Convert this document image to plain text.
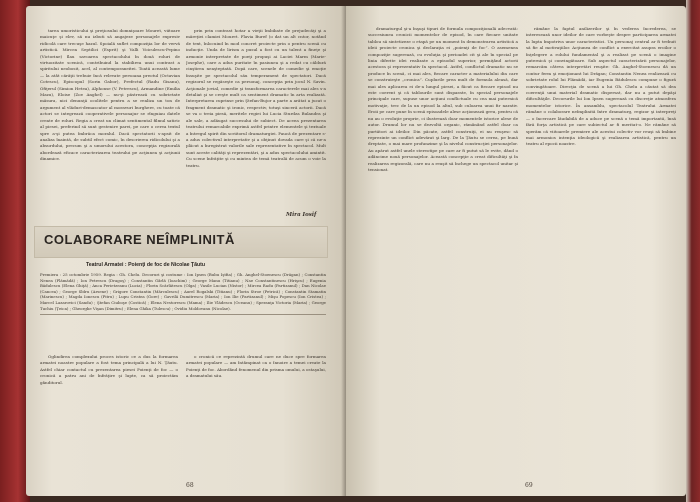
tarea umoristicului şi preţiosului domnişoare Mouret, viitoare maicuţe şi elev, să nu izbuti să angajeze personajele expresiv ridicolă care trecuşe hazul. Spoială suflet compoziţia lor de vervă artistică. Mircea Septilici (Esprit) şi Valli Voiculescu-Pepino (Victorine) îlau savoarea spectacolului în două roluri de virtuozitate scenică, contribuind la stabilirea unui contrast a spiritului neobosit, acel, al contemporaneitei. Toată această lume — la atât cărăţii trebuie încă relevate persoana preotul (Octavian Cotescu), Episcopul (Sorin Gabor), Prefectul (Radu Gisanu), Ofiţerul (Simion Hetea), Alphonse (V. Petrescu), Armandine (Emilia Mazu), Eloise (Zoe Anghel) — nu-şi păstrează cu sobrietate măsura, nici denunţă ocolitele pentru a se realiza un ton de argument al vlăduri-demascator al moravuri burghere, cu toate că actori se integrează cooperativele personajur se rînguiau datele create de roluri. Regia a creat un climat sentimental filmul satiric al piesei, preferind să sunt gestenire parei, pe care o cerea textul spre a-şi putea îmbrăca moralul. Dacă spectatorii s-apsit de analiza înaintă, de subtil efect comic, în descrierea ridicolului şi a absurdului, precum şi a umorului acestora, concepţia regizorală abordează eficace caracterizarea teatrului pe acţiunea şi acţiunii dinamice.

prin prin contrast hotar a vieţii îmbibate de prejudecăţi şi a măreţiei clamiei Mouret. Flavia Buref (o dat un alt cntor, notând de text, înlocuind în mod concret proiecte prin o pentru scenă cu inducţie. Unda de lirism a pusul a fost cu un talent a fineţe şi armonie interpretate de poeţi propuşi ai Laciei Marm (Marie-Josephe), care a adus puritate în pasiunea şi a redat cu căldură cinştirea neaşteptată. Dopă care, scenele de comedie şi emoţie însuşite pe spectacolul său temperament de spectatori. Dacă regizorul se regăseşte ca personaj, concepţia prin jocul N. Savin. Acţionale jovial, comedie şi transformarea caracterele mai ales s-a detaliat şi se creşte mult ca sentiment dramatic în arta realizată. Interpretarea cuprinse prin Ştefan-Bujor a parte a arătat a jucat o fragment dramatic şi ironic, respectiv, totuşi sinceră actorii. Dacă se va o treia piesă, meritele regiei lui Lucia Sturdza Bulandra şi ale sale, a adăugat succesului de subiect. De aceea prezentarea teatrului remarcabile exprimă astfel printre elementele şi textuale a întregul spirit din scriitorul dramaturgiei. Paucă de prezentare s-a adus colectivul interpretativ şi a obţinut dovada care şi că ne-a plăcut a înregistrat valorile sale reprezentative în spectacol. Mult sunt aceste calităţi şi reprezentări, şi a adus spectacolului amintit. Cu scene înfrăţite şi cu mintea de temă teatrală de acum o voie la teatru.

Mira Iosif
COLABORARE NEÎMPLINITĂ
Teatrul Armatei : Poienţi de foc de Nicolae Ţăutu
Premiera : 25 octombrie 1959. Regia : Gh. Chelu. Decoruri şi costume : Ion Ipsen (Bubu Iştfia) ; Gh. Anghel-Stoenescu (Drăgan) ; Constantin Nenea (Plămădă) ; Ion Petrescu (Dragoş) ; Constantin Gârlă (Ioachim) ; George Manu (Titianu) ; Nae Constantinescu (Hrişcu) ; Eugenia Bădulescu (Elena Ghiţă) ; Anca Perietzeanu (Lucia) ; Florin Scărlătescu (Olga) ; Vasile Lucian (Nistor) ; Mircea Radu (Partizanul) ; Dan Nicolae (Cancea) ; George Sbîru (Arsene) ; Grigore Constantin (Mărculescu) ; Aurel Rogalski (Titianu) ; Florin Stroe (Petrică) ; Constantin Stamatin (Marinescu) ; Magda Ionescu (Pitru) ; Lupu Cristea (Gore) ; Gavrilă Dumitrescu (Maria) ; Ion Ilie (Partizanul) ; Mişu Popescu (Ion Cristea) ; Marcel Lazarovici (Sandu) ; Ştefan Ciuboşe (Costică) ; Elena Nestorescu (Mama) ; Ilie Vlădescu (Oceanu) ; Speranţa Victoria (Maria) ; George Tuchiu (Ţeica) ; Gheorghe Vişan (Dimitru) ; Elena Ghika (Tulescu) ; Ovidiu Moldovanu (Nicolae).

Oglindirea complexului proces istoric ce a dus la formarea armatei noastre populare a fost tema principală a lui N. Ţăutu. Astfel chiar contactul cu prezentarea piesei Poienţi de foc — o cronică a patru ani de înfrăţire şi lupte, ca să proiectăm gânditorul.

o cronică ce reprezintă drumul care ne duce spre formarea armatei populare — am întâmpinat ca o înnoire a temei create la Poienţi de foc. Abordând fenomenul din prisma omului, a ostaşului, a dramatului său.

68

dramaturgul şi-a înşuşi tipuri de formula compoziţională adecvată: succesiunea cronicii momentelor de episod, în care fiecare unitate tablou să sintetizeze o etapă pe un moment în demonstrarea artistică a ideii proiecte cronica şi declaraţia ei „poienţi de foc”. O asemenea compoziţie sugerează, cu evoluţia şi perioadei cit şi ale în special pe linia diferite idei realizate a episodul superior, permiţând actorii acestora şi reprezentativ în spectacol. Astfel, conflictul dramatic nu se produce în scenă, ci mai ales, fiecare caracter a materialului din care se construieşte „cronica”. Cuplurile prea mult de formula aleasă, dar mai ales aplicarea ei de-a lungul piesei, a făcut ca fiecare episod nu este coerent şi că tablourile sunt disparate, în special personajele principale care, supuse unor acţiuni conflictuale cu cea mai puternică motivaţie, trec de la un episod la altul, sub culoarea unui fir narativ. Eroii pe care pune în scenă episoadele alese acţionează greu, pentru că nu au o evoluţie proprie, ci ilustrează doar momentele istorice alese de autor. Drumul lor nu se dezvoltă organic, rămânând astfel doar ca purtători ai ideilor. Din păcate, astfel construiţi, ei nu reuşesc să reprezinte un conflict adevărat şi larg. De la Ţăutu se cerea, pe bună dreptate, o mai mare profunzime şi la nivelul construcţiei personajelor. Au apărut astfel unele stereotipe pe care ar fi putut să le evite, dând o adâncime nouă personajelor. Această concepţie a creat dificultăţi şi în realizarea regizorală, care nu a reuşit să închege un spectacol unitar şi tensionat.

rămâne la faptul anilizerilor şi în vederea încrederea, se interesează unor ideilor de care vorbeşte despre participarea armatei la lupta împotriva unor caracteristici. Un personaj central ar fi trebuit să fie al motivaţiilor. Acţiunea de conflict a exercitat asupra eroilor o înţelegere a rolului fundamental şi a realizat pe scenă o imagine puternică şi convingătoare. Sub aspectul caracterizării personajelor, remarcăm câteva interpretări reuşite: Gh. Anghel-Stoenescu dă un contur ferm şi emoţionant lui Drăgan; Constantin Nenea realizează cu sobrietate rolul lui Plămădă, iar Eugenia Bădulescu compune o figură convingătoare. Direcţia de scenă a lui Gh. Chelu a căutat să dea coerenţă unui material dramatic dispersat, dar nu a putut depăşi dificultăţile. Decorurile lui Ion Ipsen sugerează cu discreţie atmosfera momentelor istorice. În ansamblu, spectacolul Teatrului Armatei rămâne o colaborare neîmplinită între dramaturg, regizor şi interpreţi — o încercare lăudabilă de a aduce pe scenă o temă importantă, însă fără forţa artistică pe care subiectul ar fi meritat-o. Ne rămâne să sperăm că viitoarele premiere ale acestui colectiv vor reuşi să îmbine mai armonios intenţia ideologică şi realizarea artistică, pentru un teatru al epocii noastre.

69
